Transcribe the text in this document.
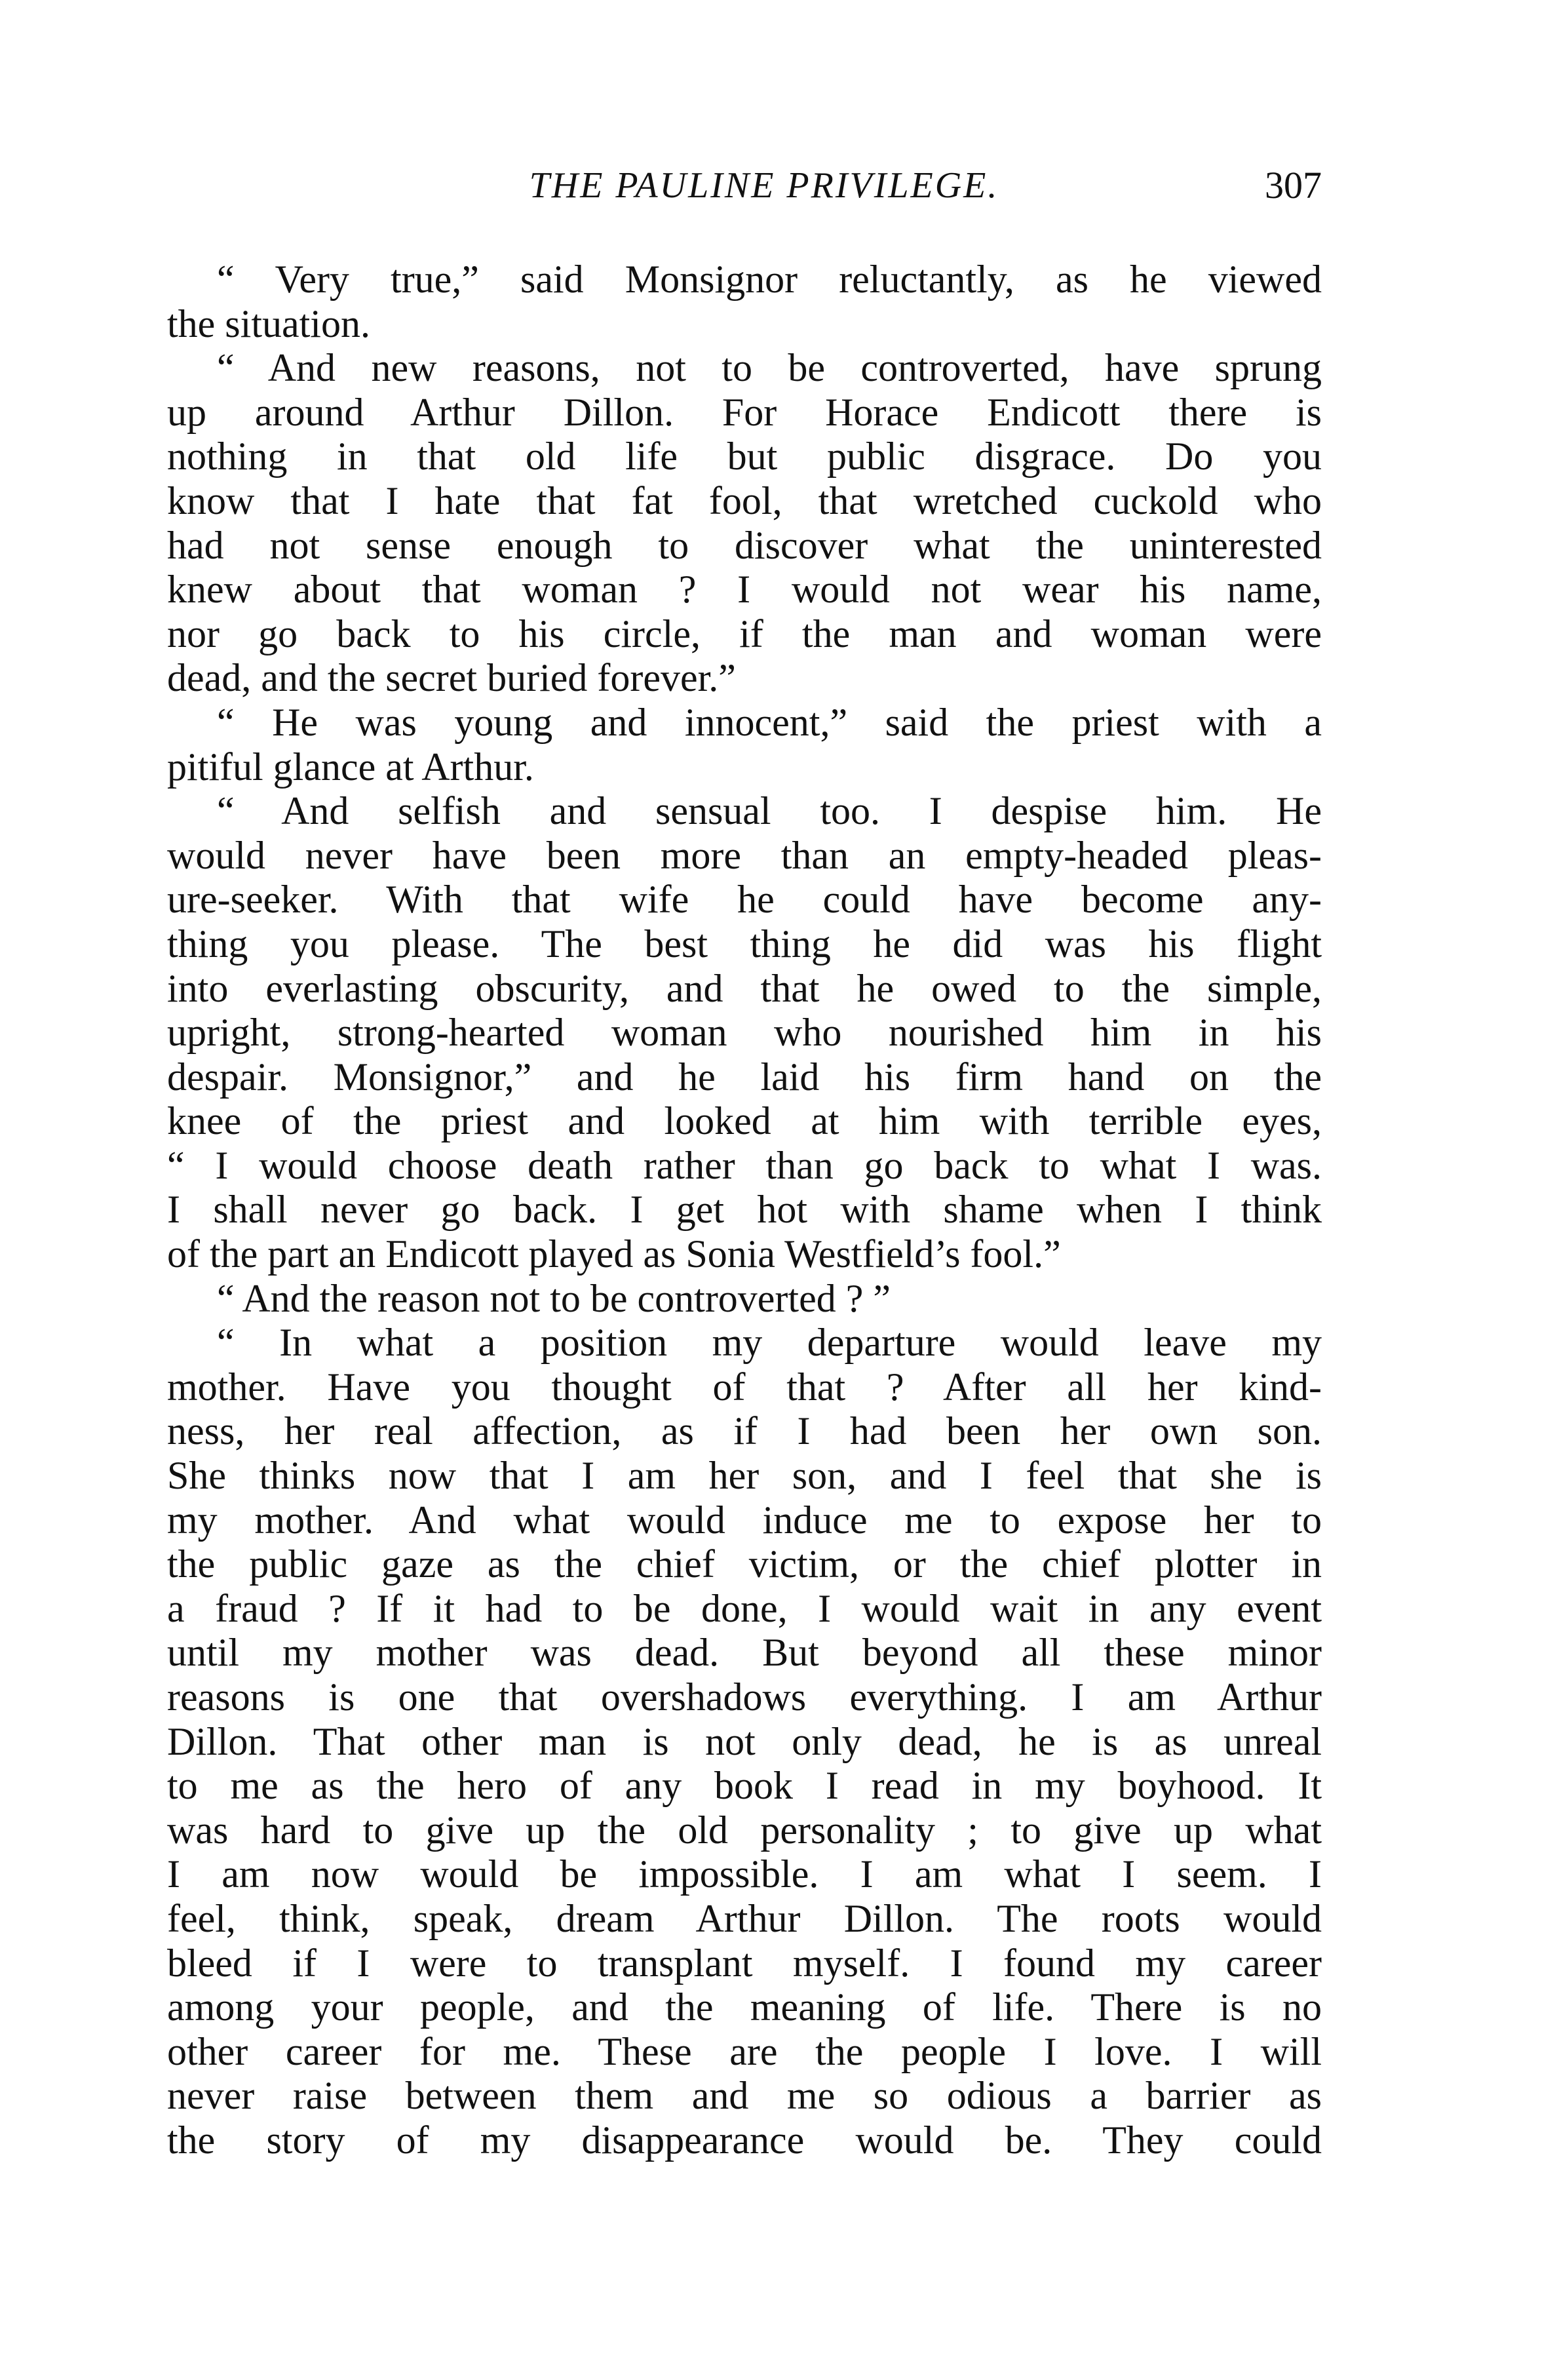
THE PAULINE PRIVILEGE.	307
“ Very true,” said Monsignor reluctantly, as he viewed
the situation.
“ And new reasons, not to be controverted, have sprung
up around Arthur Dillon. For Horace Endicott there is
nothing in that old life but public disgrace. Do you
know that I hate that fat fool, that wretched cuckold who
had not sense enough to discover what the uninterested
knew about that woman ? I would not wear his name,
nor go back to his circle, if the man and woman were
dead, and the secret buried forever.”
“ He was young and innocent,” said the priest with a
pitiful glance at Arthur.
“ And selfish and sensual too. I despise him. He
would never have been more than an empty-headed pleas-
ure-seeker. With that wife he could have become any-
thing you please. The best thing he did was his flight
into everlasting obscurity, and that he owed to the simple,
upright, strong-hearted woman who nourished him in his
despair. Monsignor,” and he laid his firm hand on the
knee of the priest and looked at him with terrible eyes,
“ I would choose death rather than go back to what I was.
I shall never go back. I get hot with shame when I think
of the part an Endicott played as Sonia Westfield’s fool.”
“ And the reason not to be controverted ? ”
“ In what a position my departure would leave my
mother. Have you thought of that ? After all her kind-
ness, her real affection, as if I had been her own son.
She thinks now that I am her son, and I feel that she is
my mother. And what would induce me to expose her to
the public gaze as the chief victim, or the chief plotter in
a fraud ? If it had to be done, I would wait in any event
until my mother was dead. But beyond all these minor
reasons is one that overshadows everything. I am Arthur
Dillon. That other man is not only dead, he is as unreal
to me as the hero of any book I read in my boyhood. It
was hard to give up the old personality ; to give up what
I am now would be impossible. I am what I seem. I
feel, think, speak, dream Arthur Dillon. The roots would
bleed if I were to transplant myself. I found my career
among your people, and the meaning of life. There is no
other career for me. These are the people I love. I will
never raise between them and me so odious a barrier as
the story of my disappearance would be. They could
